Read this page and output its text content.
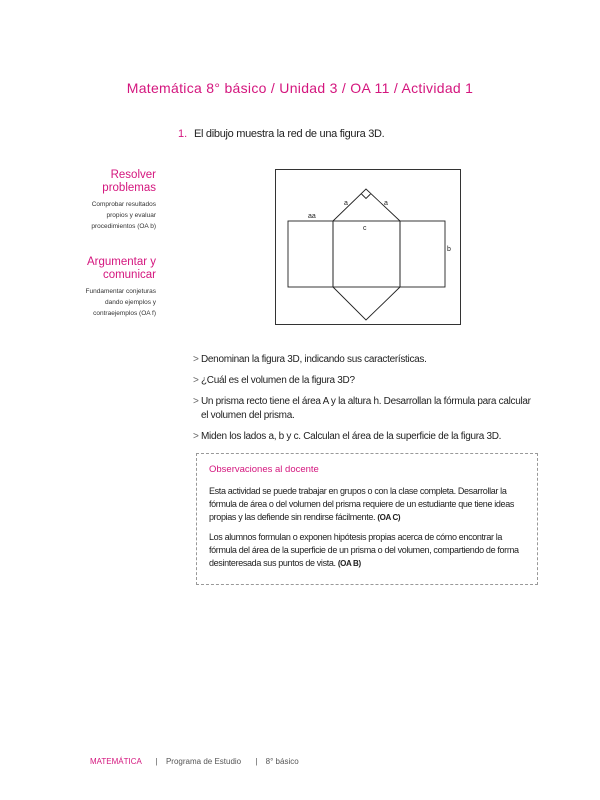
Matemática 8° básico / Unidad 3 / OA 11 / Actividad 1
1. El dibujo muestra la red de una figura 3D.
Resolver
problemas
Comprobar resultados
propios y evaluar
procedimientos (OA b)
Argumentar y
comunicar
Fundamentar conjeturas
dando ejemplos y
contraejemplos (OA f)
a	a
aa
c
b
> Denominan la figura 3D, indicando sus características.
> ¿Cuál es el volumen de la figura 3D?
> Un prisma recto tiene el área A y la altura h. Desarrollan la fórmula para calcular el volumen del prisma.
> Miden los lados a, b y c. Calculan el área de la superficie de la figura 3D.
Observaciones al docente
Esta actividad se puede trabajar en grupos o con la clase completa. Desarrollar la fórmula de área o del volumen del prisma requiere de un estudiante que tiene ideas propias y las defiende sin rendirse fácilmente. (OA C)
Los alumnos formulan o exponen hipótesis propias acerca de cómo encontrar la fórmula del área de la superficie de un prisma o del volumen, compartiendo de forma desinteresada sus puntos de vista. (OA B)
MATEMÁTICA | Programa de Estudio | 8° básico
